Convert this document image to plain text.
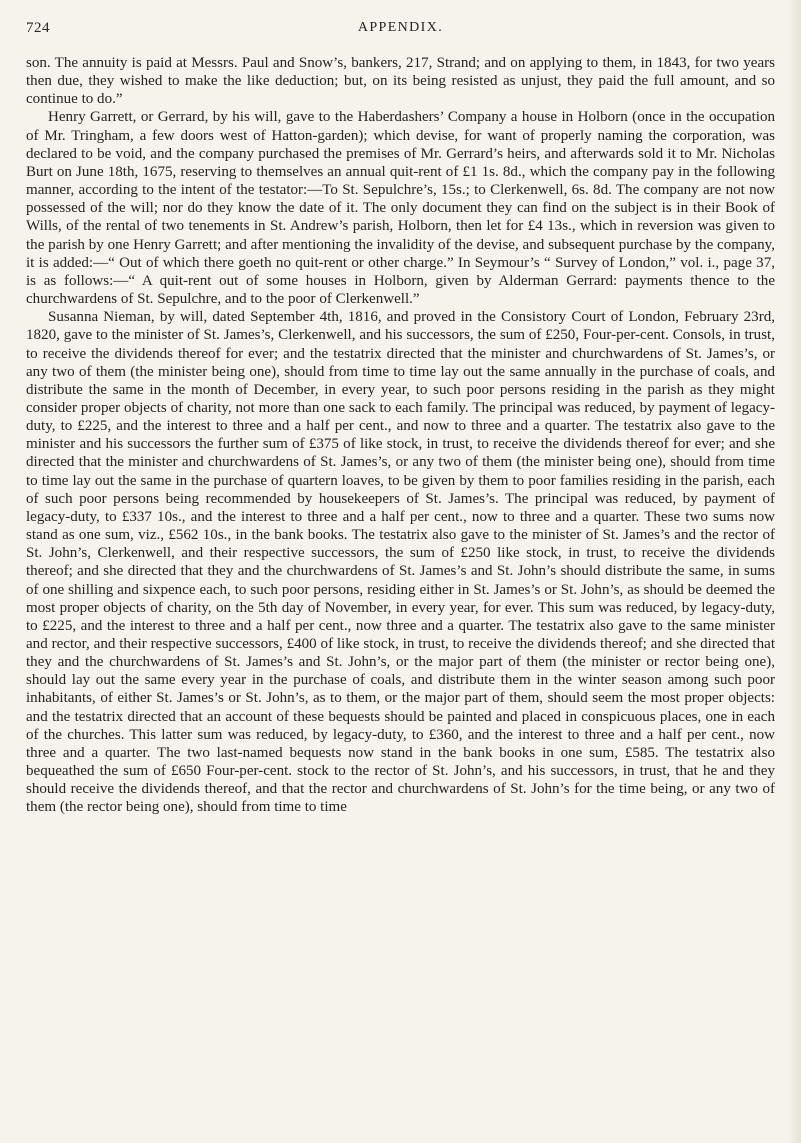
724	APPENDIX.

son. The annuity is paid at Messrs. Paul and Snow’s, bankers, 217, Strand; and on applying to them, in 1843, for two years then due, they wished to make the like deduction; but, on its being resisted as unjust, they paid the full amount, and so continue to do.”

Henry Garrett, or Gerrard, by his will, gave to the Haberdashers’ Company a house in Holborn (once in the occupation of Mr. Tringham, a few doors west of Hatton-garden); which devise, for want of properly naming the corporation, was declared to be void, and the company purchased the premises of Mr. Gerrard’s heirs, and afterwards sold it to Mr. Nicholas Burt on June 18th, 1675, reserving to themselves an annual quit-rent of £1 1s. 8d., which the company pay in the following manner, according to the intent of the testator:—To St. Sepulchre’s, 15s.; to Clerkenwell, 6s. 8d. The company are not now possessed of the will; nor do they know the date of it. The only document they can find on the subject is in their Book of Wills, of the rental of two tenements in St. Andrew’s parish, Holborn, then let for £4 13s., which in reversion was given to the parish by one Henry Garrett; and after mentioning the invalidity of the devise, and subsequent purchase by the company, it is added:—“ Out of which there goeth no quit-rent or other charge.” In Seymour’s “ Survey of London,” vol. i., page 37, is as follows:—“ A quit-rent out of some houses in Holborn, given by Alderman Gerrard: payments thence to the churchwardens of St. Sepulchre, and to the poor of Clerkenwell.”

Susanna Nieman, by will, dated September 4th, 1816, and proved in the Consistory Court of London, February 23rd, 1820, gave to the minister of St. James’s, Clerkenwell, and his successors, the sum of £250, Four-per-cent. Consols, in trust, to receive the dividends thereof for ever; and the testatrix directed that the minister and churchwardens of St. James’s, or any two of them (the minister being one), should from time to time lay out the same annually in the purchase of coals, and distribute the same in the month of December, in every year, to such poor persons residing in the parish as they might consider proper objects of charity, not more than one sack to each family. The principal was reduced, by payment of legacy-duty, to £225, and the interest to three and a half per cent., and now to three and a quarter. The testatrix also gave to the minister and his successors the further sum of £375 of like stock, in trust, to receive the dividends thereof for ever; and she directed that the minister and churchwardens of St. James’s, or any two of them (the minister being one), should from time to time lay out the same in the purchase of quartern loaves, to be given by them to poor families residing in the parish, each of such poor persons being recommended by housekeepers of St. James’s. The principal was reduced, by payment of legacy-duty, to £337 10s., and the interest to three and a half per cent., now to three and a quarter. These two sums now stand as one sum, viz., £562 10s., in the bank books. The testatrix also gave to the minister of St. James’s and the rector of St. John’s, Clerkenwell, and their respective successors, the sum of £250 like stock, in trust, to receive the dividends thereof; and she directed that they and the churchwardens of St. James’s and St. John’s should distribute the same, in sums of one shilling and sixpence each, to such poor persons, residing either in St. James’s or St. John’s, as should be deemed the most proper objects of charity, on the 5th day of November, in every year, for ever. This sum was reduced, by legacy-duty, to £225, and the interest to three and a half per cent., now three and a quarter. The testatrix also gave to the same minister and rector, and their respective successors, £400 of like stock, in trust, to receive the dividends thereof; and she directed that they and the churchwardens of St. James’s and St. John’s, or the major part of them (the minister or rector being one), should lay out the same every year in the purchase of coals, and distribute them in the winter season among such poor inhabitants, of either St. James’s or St. John’s, as to them, or the major part of them, should seem the most proper objects: and the testatrix directed that an account of these bequests should be painted and placed in conspicuous places, one in each of the churches. This latter sum was reduced, by legacy-duty, to £360, and the interest to three and a half per cent., now three and a quarter. The two last-named bequests now stand in the bank books in one sum, £585. The testatrix also bequeathed the sum of £650 Four-per-cent. stock to the rector of St. John’s, and his successors, in trust, that he and they should receive the dividends thereof, and that the rector and churchwardens of St. John’s for the time being, or any two of them (the rector being one), should from time to time
